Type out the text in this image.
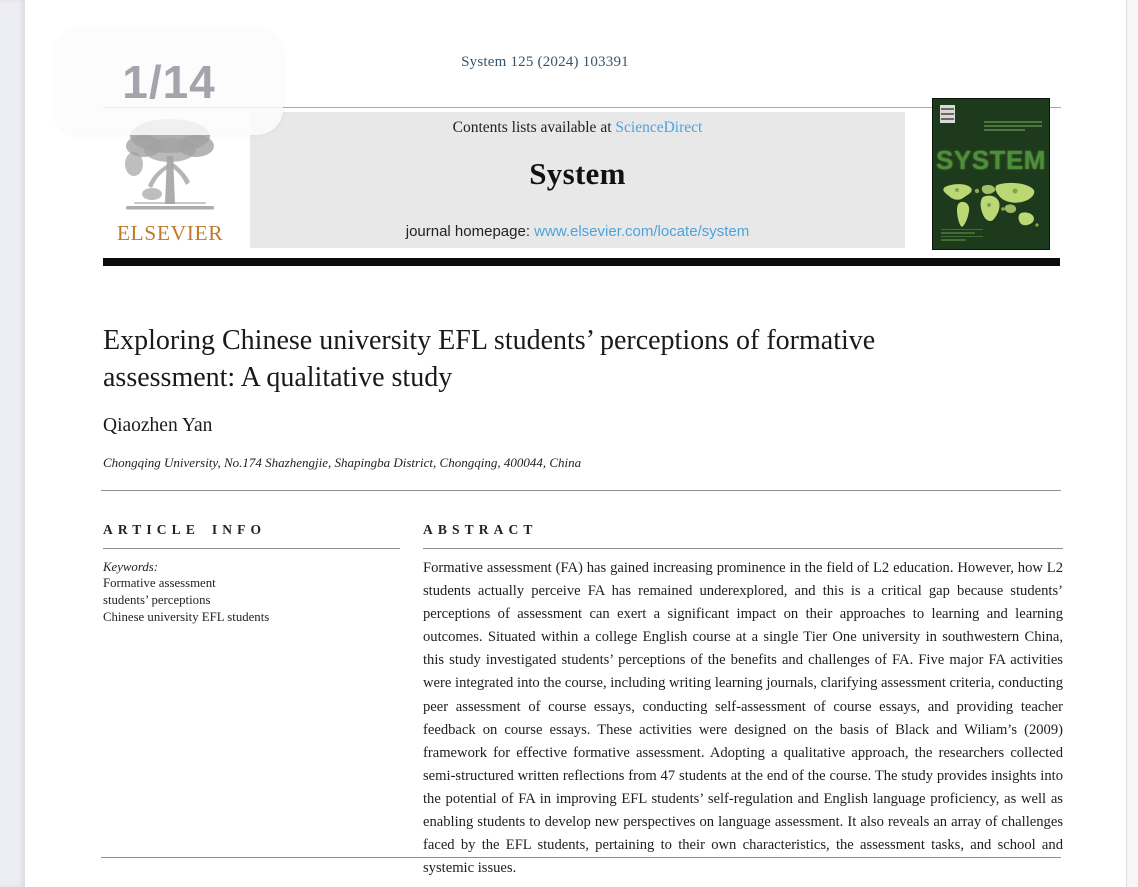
System 125 (2024) 103391
ELSEVIER
Contents lists available at ScienceDirect
System
journal homepage: www.elsevier.com/locate/system
SYSTEM
Exploring Chinese university EFL students’ perceptions of formative assessment: A qualitative study
Qiaozhen Yan
Chongqing University, No.174 Shazhengjie, Shapingba District, Chongqing, 400044, China
ARTICLE INFO
Keywords:
Formative assessment
students’ perceptions
Chinese university EFL students
ABSTRACT
Formative assessment (FA) has gained increasing prominence in the field of L2 education. However, how L2 students actually perceive FA has remained underexplored, and this is a critical gap because students’ perceptions of assessment can exert a significant impact on their approaches to learning and learning outcomes. Situated within a college English course at a single Tier One university in southwestern China, this study investigated students’ perceptions of the benefits and challenges of FA. Five major FA activities were integrated into the course, including writing learning journals, clarifying assessment criteria, conducting peer assessment of course essays, conducting self-assessment of course essays, and providing teacher feedback on course essays. These activities were designed on the basis of Black and Wiliam’s (2009) framework for effective formative assessment. Adopting a qualitative approach, the researchers collected semi-structured written reflections from 47 students at the end of the course. The study provides insights into the potential of FA in improving EFL students’ self-regulation and English language proficiency, as well as enabling students to develop new perspectives on language assessment. It also reveals an array of challenges faced by the EFL students, pertaining to their own characteristics, the assessment tasks, and school and systemic issues.
1/14
